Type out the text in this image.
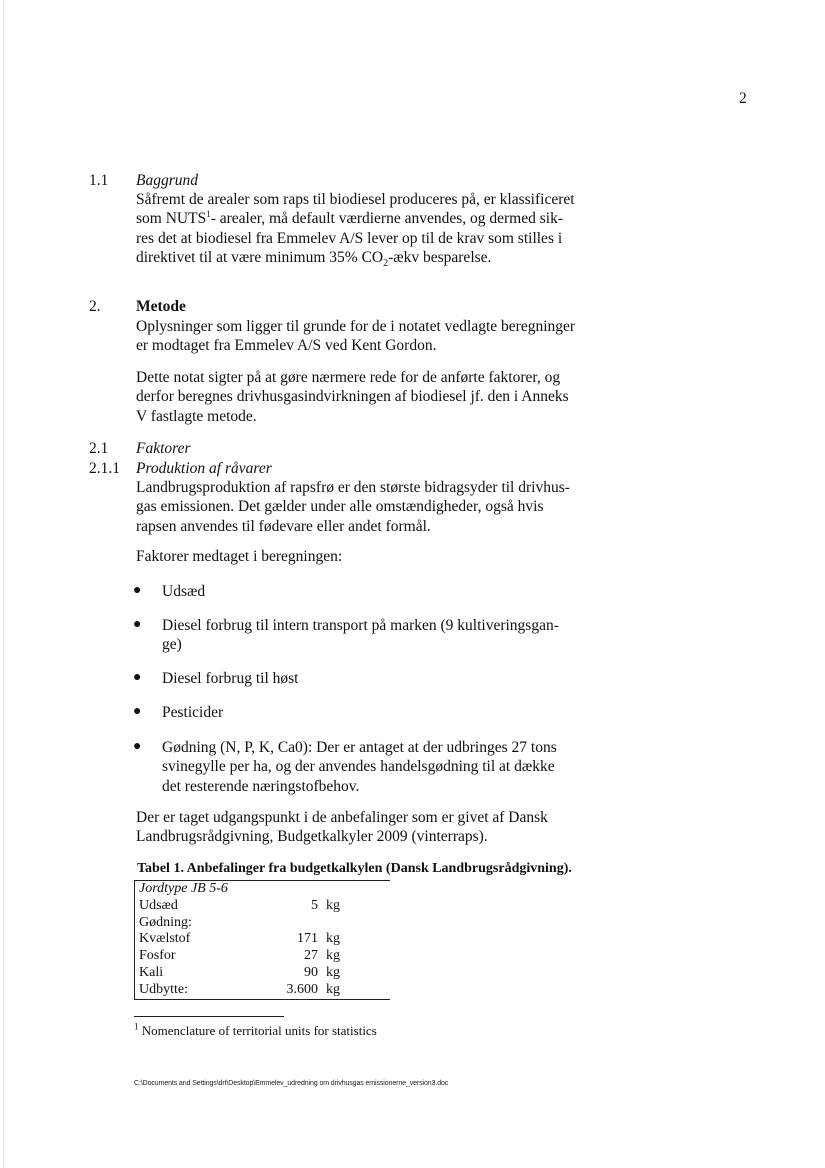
2
1.1 Baggrund
Såfremt de arealer som raps til biodiesel produceres på, er klassificeret
som NUTS$^1$- arealer, må default værdierne anvendes, og dermed sik-
res det at biodiesel fra Emmelev A/S lever op til de krav som stilles i
direktivet til at være minimum 35% $CO_2$-ækv besparelse.
2. Metode
Oplysninger som ligger til grunde for de i notatet vedlagte beregninger er modtaget fra Emmelev A/S ved Kent Gordon.
Dette notat sigter på at gøre nærmere rede for de anførte faktorer, og derfor beregnes drivhusgasindvirkningen af biodiesel jf. den i Anneks V fastlagte metode.
2.1 Faktorer
2.1.1 Produktion af råvarer
Landbrugsproduktion af rapsfrø er den største bidragsyder til drivhus-gas emissionen. Det gælder under alle omstændigheder, også hvis rapsen anvendes til fødevare eller andet formål.
Faktorer medtaget i beregningen:
● Udsæd
● Diesel forbrug til intern transport på marken (9 kultiveringsgan-ge)
● Diesel forbrug til høst
● Pesticider
● Gødning (N, P, K, Ca0): Der er antaget at der udbringes 27 tons svinegylle per ha, og der anvendes handelsgødning til at dække det resterende næringstofbehov.
Der er taget udgangspunkt i de anbefalinger som er givet af Dansk Landbrugsrådgivning, Budgetkalkyler 2009 (vinterraps).
Tabel 1. Anbefalinger fra budgetkalkylen (Dansk Landbrugsrådgivning).
Jordtype JB 5-6		
Udsæd	5	kg
Gødning:		
Kvælstof	171	kg
Fosfor	27	kg
Kali	90	kg
Udbytte:	3.600	kg
$^1$ Nomenclature of territorial units for statistics
C:\Documents and Settings\drt\Desktop\Emmelev_udredning om drivhusgas emissionerne_version3.doc
